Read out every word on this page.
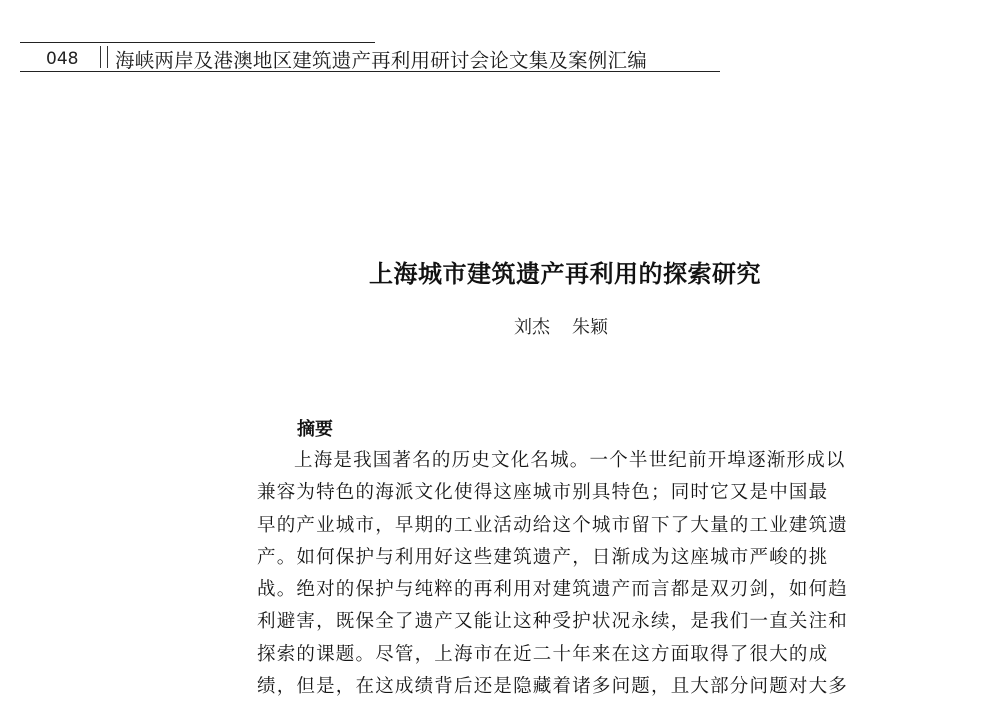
048 海峡两岸及港澳地区建筑遗产再利用研讨会论文集及案例汇编
上海城市建筑遗产再利用的探索研究
刘杰 朱颖
摘要
上海是我国著名的历史文化名城。一个半世纪前开埠逐渐形成以
兼容为特色的海派文化使得这座城市别具特色；同时它又是中国最
早的产业城市，早期的工业活动给这个城市留下了大量的工业建筑遗
产。如何保护与利用好这些建筑遗产，日渐成为这座城市严峻的挑
战。绝对的保护与纯粹的再利用对建筑遗产而言都是双刃剑，如何趋
利避害，既保全了遗产又能让这种受护状况永续，是我们一直关注和
探索的课题。尽管，上海市在近二十年来在这方面取得了很大的成
绩，但是，在这成绩背后还是隐藏着诸多问题，且大部分问题对大多
